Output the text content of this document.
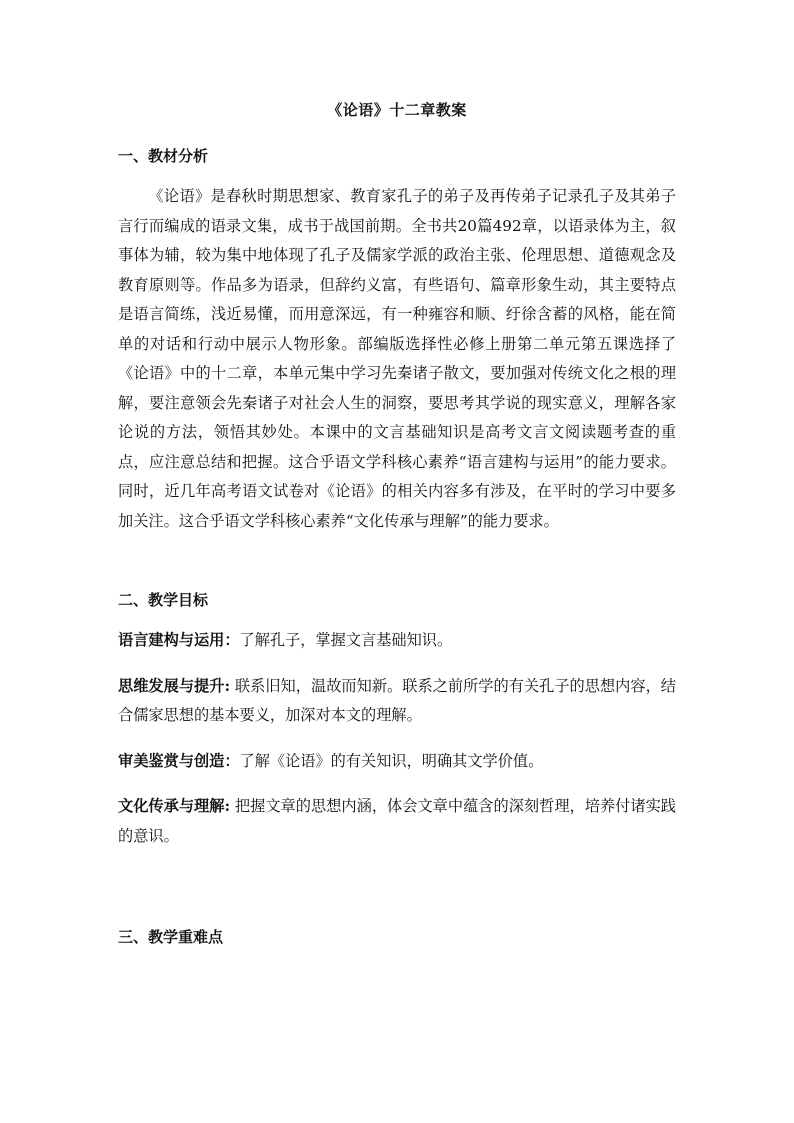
《论语》十二章教案
一、教材分析

《论语》是春秋时期思想家、教育家孔子的弟子及再传弟子记录孔子及其弟子言行而编成的语录文集，成书于战国前期。全书共20篇492章，以语录体为主，叙事体为辅，较为集中地体现了孔子及儒家学派的政治主张、伦理思想、道德观念及教育原则等。作品多为语录，但辞约义富，有些语句、篇章形象生动，其主要特点是语言简练，浅近易懂，而用意深远，有一种雍容和顺、纡徐含蓄的风格，能在简单的对话和行动中展示人物形象。部编版选择性必修上册第二单元第五课选择了《论语》中的十二章，本单元集中学习先秦诸子散文，要加强对传统文化之根的理解，要注意领会先秦诸子对社会人生的洞察，要思考其学说的现实意义，理解各家论说的方法，领悟其妙处。本课中的文言基础知识是高考文言文阅读题考查的重点，应注意总结和把握。这合乎语文学科核心素养“语言建构与运用”的能力要求。同时，近几年高考语文试卷对《论语》的相关内容多有涉及，在平时的学习中要多加关注。这合乎语文学科核心素养“文化传承与理解”的能力要求。

二、教学目标

语言建构与运用：了解孔子，掌握文言基础知识。

思维发展与提升: 联系旧知，温故而知新。联系之前所学的有关孔子的思想内容，结合儒家思想的基本要义，加深对本文的理解。

审美鉴赏与创造：了解《论语》的有关知识，明确其文学价值。

文化传承与理解: 把握文章的思想内涵，体会文章中蕴含的深刻哲理，培养付诸实践的意识。

三、教学重难点
